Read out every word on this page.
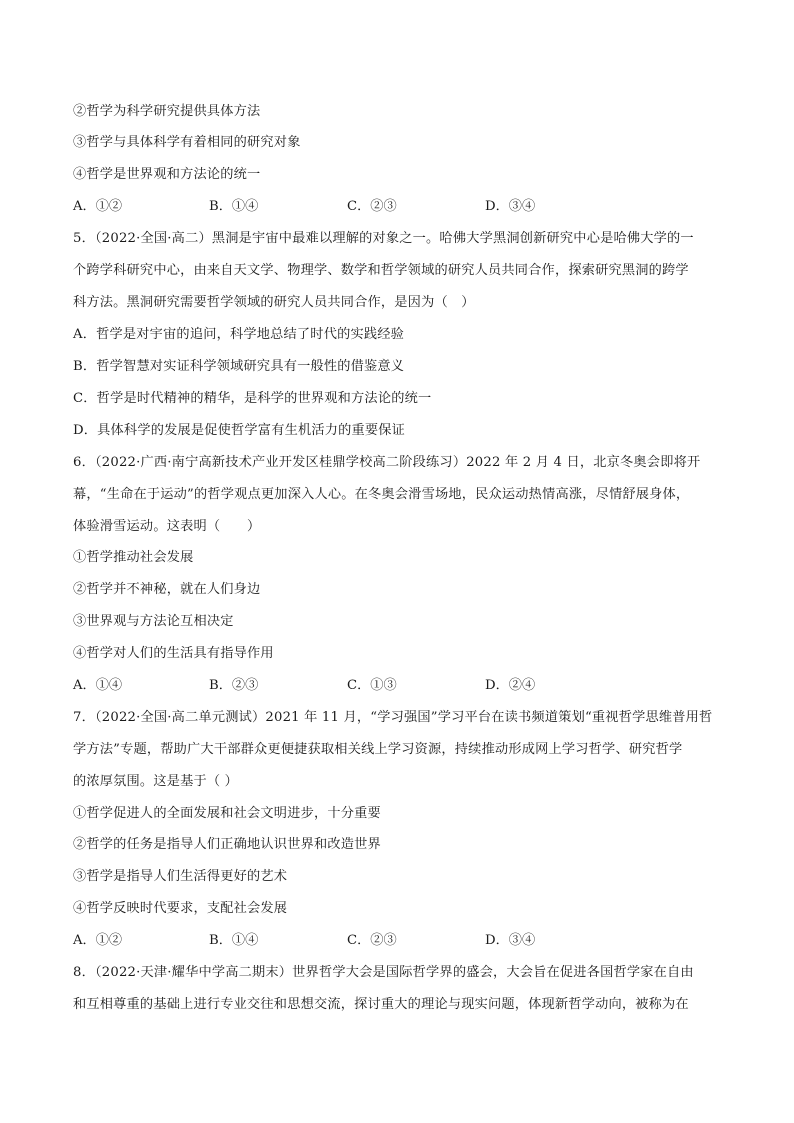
②哲学为科学研究提供具体方法
③哲学与具体科学有着相同的研究对象
④哲学是世界观和方法论的统一
A．①②	B．①④	C．②③	D．③④
5．（2022·全国·高二）黑洞是宇宙中最难以理解的对象之一。哈佛大学黑洞创新研究中心是哈佛大学的一
个跨学科研究中心，由来自天文学、物理学、数学和哲学领域的研究人员共同合作，探索研究黑洞的跨学
科方法。黑洞研究需要哲学领域的研究人员共同合作，是因为（　）
A．哲学是对宇宙的追问，科学地总结了时代的实践经验
B．哲学智慧对实证科学领域研究具有一般性的借鉴意义
C．哲学是时代精神的精华，是科学的世界观和方法论的统一
D．具体科学的发展是促使哲学富有生机活力的重要保证
6．（2022·广西·南宁高新技术产业开发区桂鼎学校高二阶段练习）2022 年 2 月 4 日，北京冬奥会即将开
幕，“生命在于运动”的哲学观点更加深入人心。在冬奥会滑雪场地，民众运动热情高涨，尽情舒展身体，
体验滑雪运动。这表明（　　）
①哲学推动社会发展
②哲学并不神秘，就在人们身边
③世界观与方法论互相决定
④哲学对人们的生活具有指导作用
A．①④	B．②③	C．①③	D．②④
7．（2022·全国·高二单元测试）2021 年 11 月，“学习强国”学习平台在读书频道策划“重视哲学思维普用哲
学方法”专题，帮助广大干部群众更便捷获取相关线上学习资源，持续推动形成网上学习哲学、研究哲学
的浓厚氛围。这是基于（ ）
①哲学促进人的全面发展和社会文明进步，十分重要
②哲学的任务是指导人们正确地认识世界和改造世界
③哲学是指导人们生活得更好的艺术
④哲学反映时代要求，支配社会发展
A．①②	B．①④	C．②③	D．③④
8．（2022·天津·耀华中学高二期末）世界哲学大会是国际哲学界的盛会，大会旨在促进各国哲学家在自由
和互相尊重的基础上进行专业交往和思想交流，探讨重大的理论与现实问题，体现新哲学动向，被称为在
